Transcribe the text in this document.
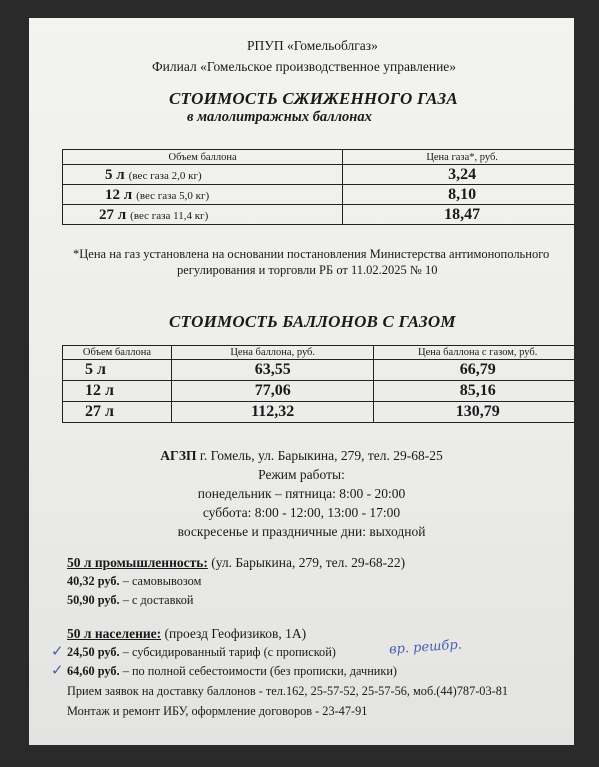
РПУП «Гомельоблгаз»
Филиал «Гомельское производственное управление»
СТОИМОСТЬ СЖИЖЕННОГО ГАЗА
в малолитражных баллонах
Объем баллона	Цена газа*, руб.
5 л (вес газа 2,0 кг)	3,24
12 л (вес газа 5,0 кг)	8,10
27 л (вес газа 11,4 кг)	18,47
*Цена на газ установлена на основании постановления Министерства антимонопольного
регулирования и торговли РБ от 11.02.2025 № 10
СТОИМОСТЬ БАЛЛОНОВ С ГАЗОМ
Объем баллона	Цена баллона, руб.	Цена баллона с газом, руб.
5 л	63,55	66,79
12 л	77,06	85,16
27 л	112,32	130,79
АГЗП г. Гомель, ул. Барыкина, 279, тел. 29-68-25
Режим работы:
понедельник – пятница: 8:00 - 20:00
суббота: 8:00 - 12:00, 13:00 - 17:00
воскресенье и праздничные дни: выходной
50 л промышленность: (ул. Барыкина, 279, тел. 29-68-22)
40,32 руб. – самовывозом
50,90 руб. – с доставкой
50 л население: (проезд Геофизиков, 1А)
✓ 24,50 руб. – субсидированный тариф (с пропиской)	вр. решбр.
✓ 64,60 руб. – по полной себестоимости (без прописки, дачники)
Прием заявок на доставку баллонов - тел.162, 25-57-52, 25-57-56, моб.(44)787-03-81
Монтаж и ремонт ИБУ, оформление договоров - 23-47-91
